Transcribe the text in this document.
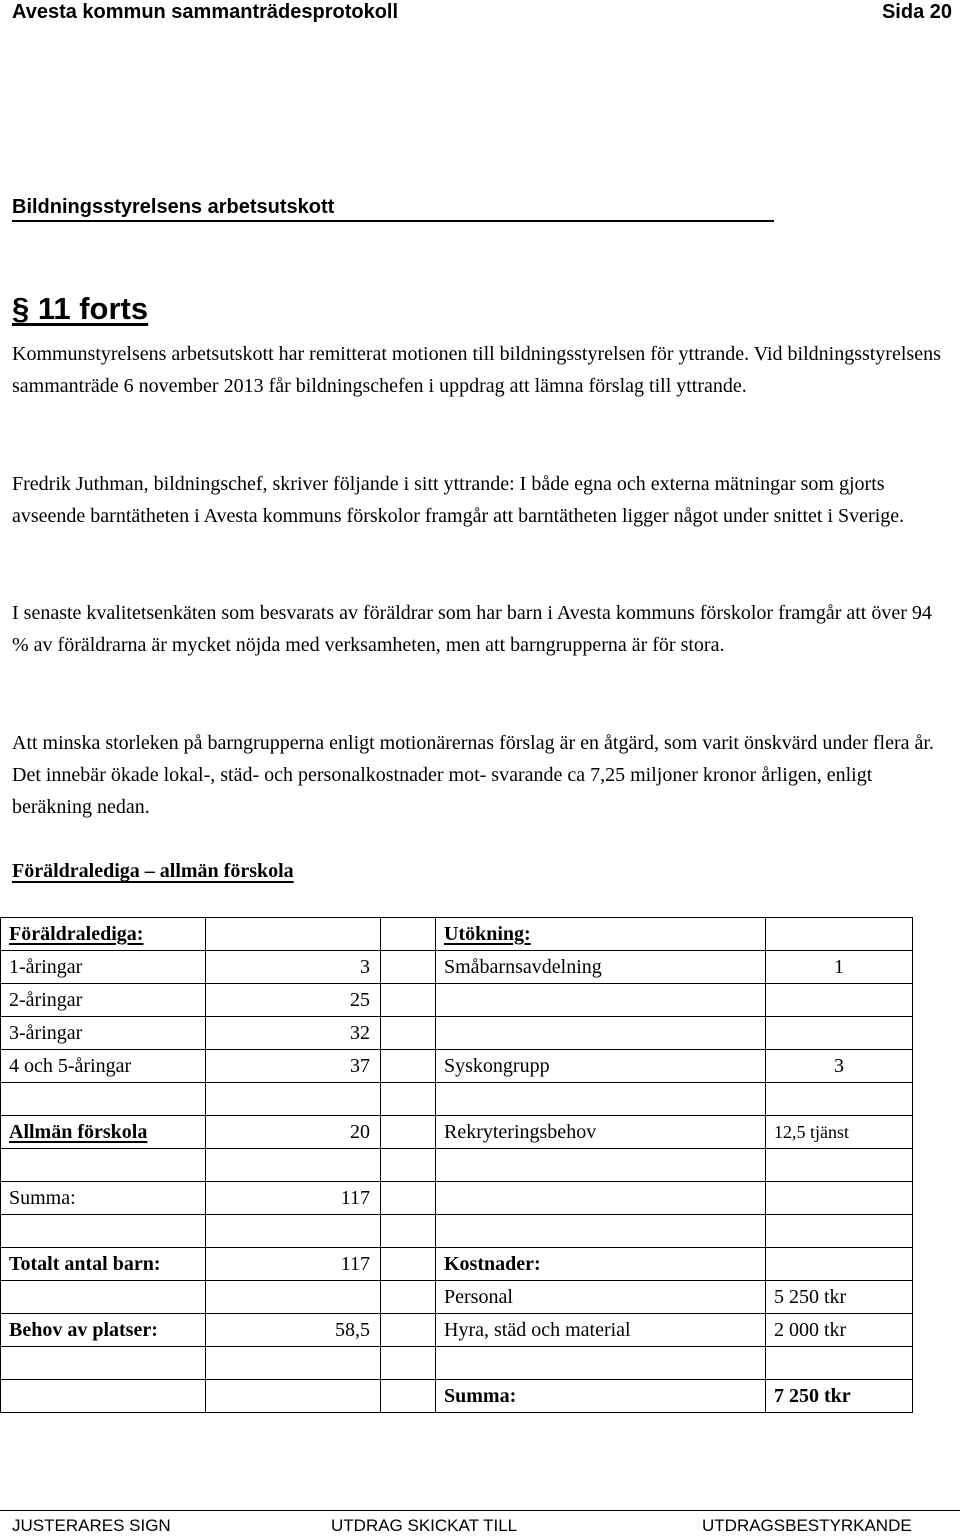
Avesta kommun sammanträdesprotokoll	Sida 20
Bildningsstyrelsens arbetsutskott
§ 11 forts
Kommunstyrelsens arbetsutskott har remitterat motionen till bildningsstyrelsen för yttrande. Vid bildningsstyrelsens sammanträde 6 november 2013 får bildningschefen i uppdrag att lämna förslag till yttrande.
Fredrik Juthman, bildningschef, skriver följande i sitt yttrande: I både egna och externa mätningar som gjorts avseende barntätheten i Avesta kommuns förskolor framgår att barntätheten ligger något under snittet i Sverige.
I senaste kvalitetsenkäten som besvarats av föräldrar som har barn i Avesta kommuns förskolor framgår att över 94 % av föräldrarna är mycket nöjda med verksamheten, men att barngrupperna är för stora.
Att minska storleken på barngrupperna enligt motionärernas förslag är en åtgärd, som varit önskvärd under flera år. Det innebär ökade lokal-, städ- och personalkostnader mot- svarande ca 7,25 miljoner kronor årligen, enligt beräkning nedan.
Föräldralediga – allmän förskola
Föräldralediga:			Utökning:	
1-åringar	3		Småbarnsavdelning	1
2-åringar	25			
3-åringar	32			
4 och 5-åringar	37		Syskongrupp	3

Allmän förskola	20		Rekryteringsbehov	12,5 tjänst

Summa:	117			

Totalt antal barn:	117		Kostnader:	
			Personal	5 250 tkr
Behov av platser:	58,5		Hyra, städ och material	2 000 tkr

			Summa:	7 250 tkr
JUSTERARES SIGN	UTDRAG SKICKAT TILL	UTDRAGSBESTYRKANDE
